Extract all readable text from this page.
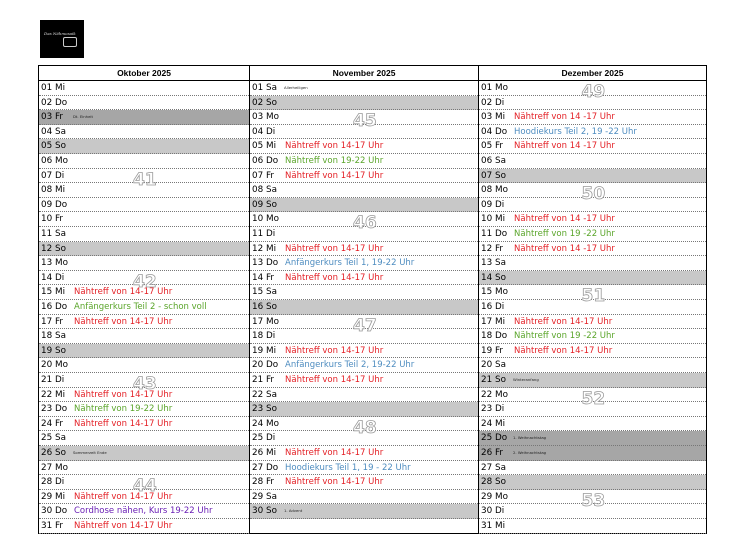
Das Nähmosaik
Oktober 2025
01 Mi
02 Do
03 Fr	Dt. Einheit
04 Sa
05 So
06 Mo
07 Di
08 Mi
09 Do
10 Fr
11 Sa
12 So
13 Mo
14 Di
15 Mi Nähtreff von 14-17 Uhr
16 Do Anfängerkurs Teil 2 - schon voll
17 Fr Nähtreff von 14-17 Uhr
18 Sa
19 So
20 Mo
21 Di
22 Mi Nähtreff von 14-17 Uhr
23 Do Nähtreff von 19-22 Uhr
24 Fr Nähtreff von 14-17 Uhr
25 Sa
26 So Sommerzeit Ende
27 Mo
28 Di
29 Mi Nähtreff von 14-17 Uhr
30 Do Cordhose nähen, Kurs 19-22 Uhr
31 Fr Nähtreff von 14-17 Uhr
41
42
43
44
November 2025
01 Sa Allerheiligen
02 So
03 Mo
04 Di
05 Mi Nähtreff von 14-17 Uhr
06 Do Nähtreff von 19-22 Uhr
07 Fr Nähtreff von 14-17 Uhr
08 Sa
09 So
10 Mo
11 Di
12 Mi Nähtreff von 14-17 Uhr
13 Do Anfängerkurs Teil 1, 19-22 Uhr
14 Fr Nähtreff von 14-17 Uhr
15 Sa
16 So
17 Mo
18 Di
19 Mi Nähtreff von 14-17 Uhr
20 Do Anfängerkurs Teil 2, 19-22 Uhr
21 Fr Nähtreff von 14-17 Uhr
22 Sa
23 So
24 Mo
25 Di
26 Mi Nähtreff von 14-17 Uhr
27 Do Hoodiekurs Teil 1, 19 - 22 Uhr
28 Fr Nähtreff von 14-17 Uhr
29 Sa
30 So 1. Advent
45
46
47
48
Dezember 2025
01 Mo
02 Di
03 Mi Nähtreff von 14 -17 Uhr
04 Do Hoodiekurs Teil 2, 19 -22 Uhr
05 Fr Nähtreff von 14 -17 Uhr
06 Sa
07 So
08 Mo
09 Di
10 Mi Nähtreff von 14 -17 Uhr
11 Do Nähtreff von 19 -22 Uhr
12 Fr Nähtreff von 14 -17 Uhr
13 Sa
14 So
15 Mo
16 Di
17 Mi Nähtreff von 14-17 Uhr
18 Do Nähtreff von 19 -22 Uhr
19 Fr Nähtreff von 14-17 Uhr
20 Sa
21 So Winteranfang
22 Mo
23 Di
24 Mi
25 Do 1. Weihnachtstag
26 Fr	2. Weihnachtstag
27 Sa
28 So
29 Mo
30 Di
31 Mi
49
50
51
52
53
